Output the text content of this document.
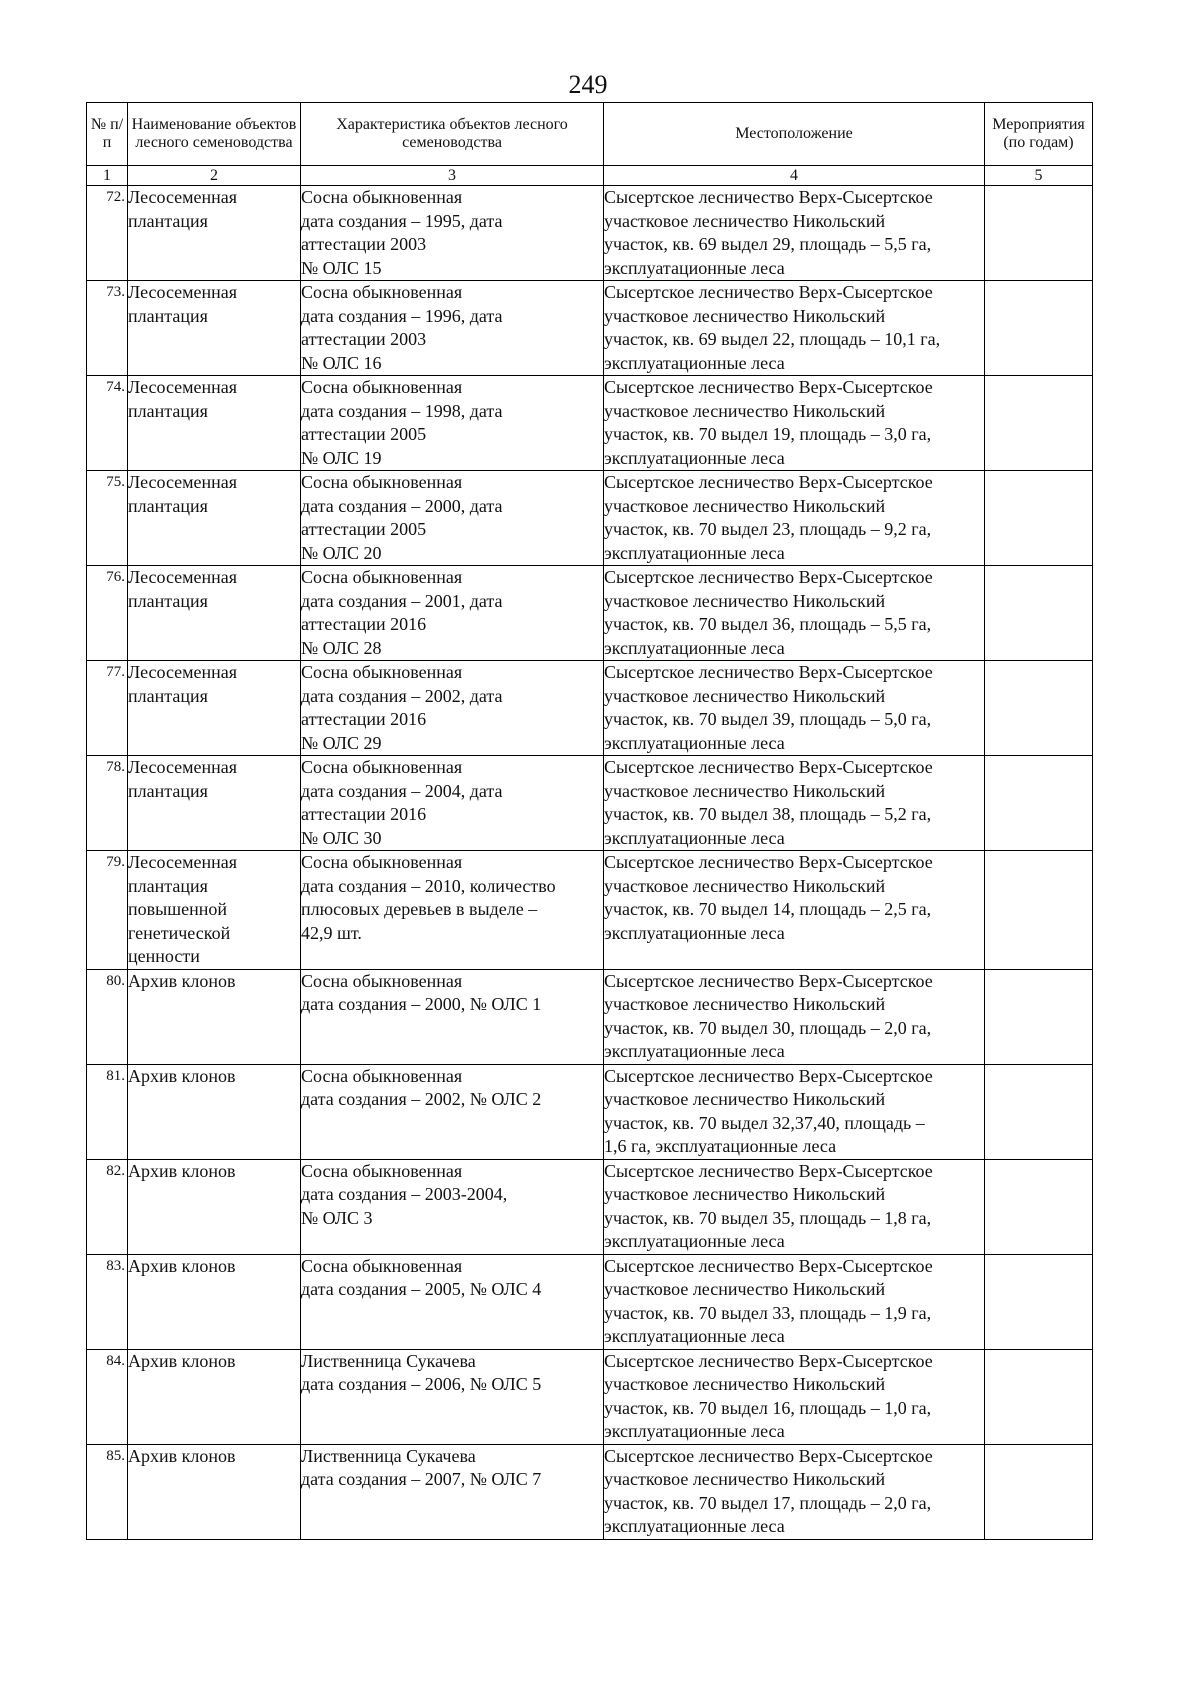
249
№ п/п	Наименование объектов лесного семеноводства	Характеристика объектов лесного семеноводства	Местоположение	Мероприятия (по годам)
1	2	3	4	5
72.	Лесосеменная
плантация	Сосна обыкновенная
дата создания – 1995, дата
аттестации 2003
№ ОЛС 15	Сысертское лесничество Верх-Сысертское
участковое лесничество Никольский
участок, кв. 69 выдел 29, площадь – 5,5 га,
эксплуатационные леса	

73.	Лесосеменная
плантация	Сосна обыкновенная
дата создания – 1996, дата
аттестации 2003
№ ОЛС 16	Сысертское лесничество Верх-Сысертское
участковое лесничество Никольский
участок, кв. 69 выдел 22, площадь – 10,1 га,
эксплуатационные леса	

74.	Лесосеменная
плантация	Сосна обыкновенная
дата создания – 1998, дата
аттестации 2005
№ ОЛС 19	Сысертское лесничество Верх-Сысертское
участковое лесничество Никольский
участок, кв. 70 выдел 19, площадь – 3,0 га,
эксплуатационные леса	

75.	Лесосеменная
плантация	Сосна обыкновенная
дата создания – 2000, дата
аттестации 2005
№ ОЛС 20	Сысертское лесничество Верх-Сысертское
участковое лесничество Никольский
участок, кв. 70 выдел 23, площадь – 9,2 га,
эксплуатационные леса	

76.	Лесосеменная
плантация	Сосна обыкновенная
дата создания – 2001, дата
аттестации 2016
№ ОЛС 28	Сысертское лесничество Верх-Сысертское
участковое лесничество Никольский
участок, кв. 70 выдел 36, площадь – 5,5 га,
эксплуатационные леса	

77.	Лесосеменная
плантация	Сосна обыкновенная
дата создания – 2002, дата
аттестации 2016
№ ОЛС 29	Сысертское лесничество Верх-Сысертское
участковое лесничество Никольский
участок, кв. 70 выдел 39, площадь – 5,0 га,
эксплуатационные леса	

78.	Лесосеменная
плантация	Сосна обыкновенная
дата создания – 2004, дата
аттестации 2016
№ ОЛС 30	Сысертское лесничество Верх-Сысертское
участковое лесничество Никольский
участок, кв. 70 выдел 38, площадь – 5,2 га,
эксплуатационные леса	

79.	Лесосеменная
плантация
повышенной
генетической
ценности	Сосна обыкновенная
дата создания – 2010, количество
плюсовых деревьев в выделе –
42,9 шт.	Сысертское лесничество Верх-Сысертское
участковое лесничество Никольский
участок, кв. 70 выдел 14, площадь – 2,5 га,
эксплуатационные леса	

80.	Архив клонов	Сосна обыкновенная
дата создания – 2000, № ОЛС 1	Сысертское лесничество Верх-Сысертское
участковое лесничество Никольский
участок, кв. 70 выдел 30, площадь – 2,0 га,
эксплуатационные леса	

81.	Архив клонов	Сосна обыкновенная
дата создания – 2002, № ОЛС 2	Сысертское лесничество Верх-Сысертское
участковое лесничество Никольский
участок, кв. 70 выдел 32,37,40, площадь –
1,6 га, эксплуатационные леса	

82.	Архив клонов	Сосна обыкновенная
дата создания – 2003-2004,
№ ОЛС 3	Сысертское лесничество Верх-Сысертское
участковое лесничество Никольский
участок, кв. 70 выдел 35, площадь – 1,8 га,
эксплуатационные леса	

83.	Архив клонов	Сосна обыкновенная
дата создания – 2005, № ОЛС 4	Сысертское лесничество Верх-Сысертское
участковое лесничество Никольский
участок, кв. 70 выдел 33, площадь – 1,9 га,
эксплуатационные леса	

84.	Архив клонов	Лиственница Сукачева
дата создания – 2006, № ОЛС 5	Сысертское лесничество Верх-Сысертское
участковое лесничество Никольский
участок, кв. 70 выдел 16, площадь – 1,0 га,
эксплуатационные леса	

85.	Архив клонов	Лиственница Сукачева
дата создания – 2007, № ОЛС 7	Сысертское лесничество Верх-Сысертское
участковое лесничество Никольский
участок, кв. 70 выдел 17, площадь – 2,0 га,
эксплуатационные леса	
